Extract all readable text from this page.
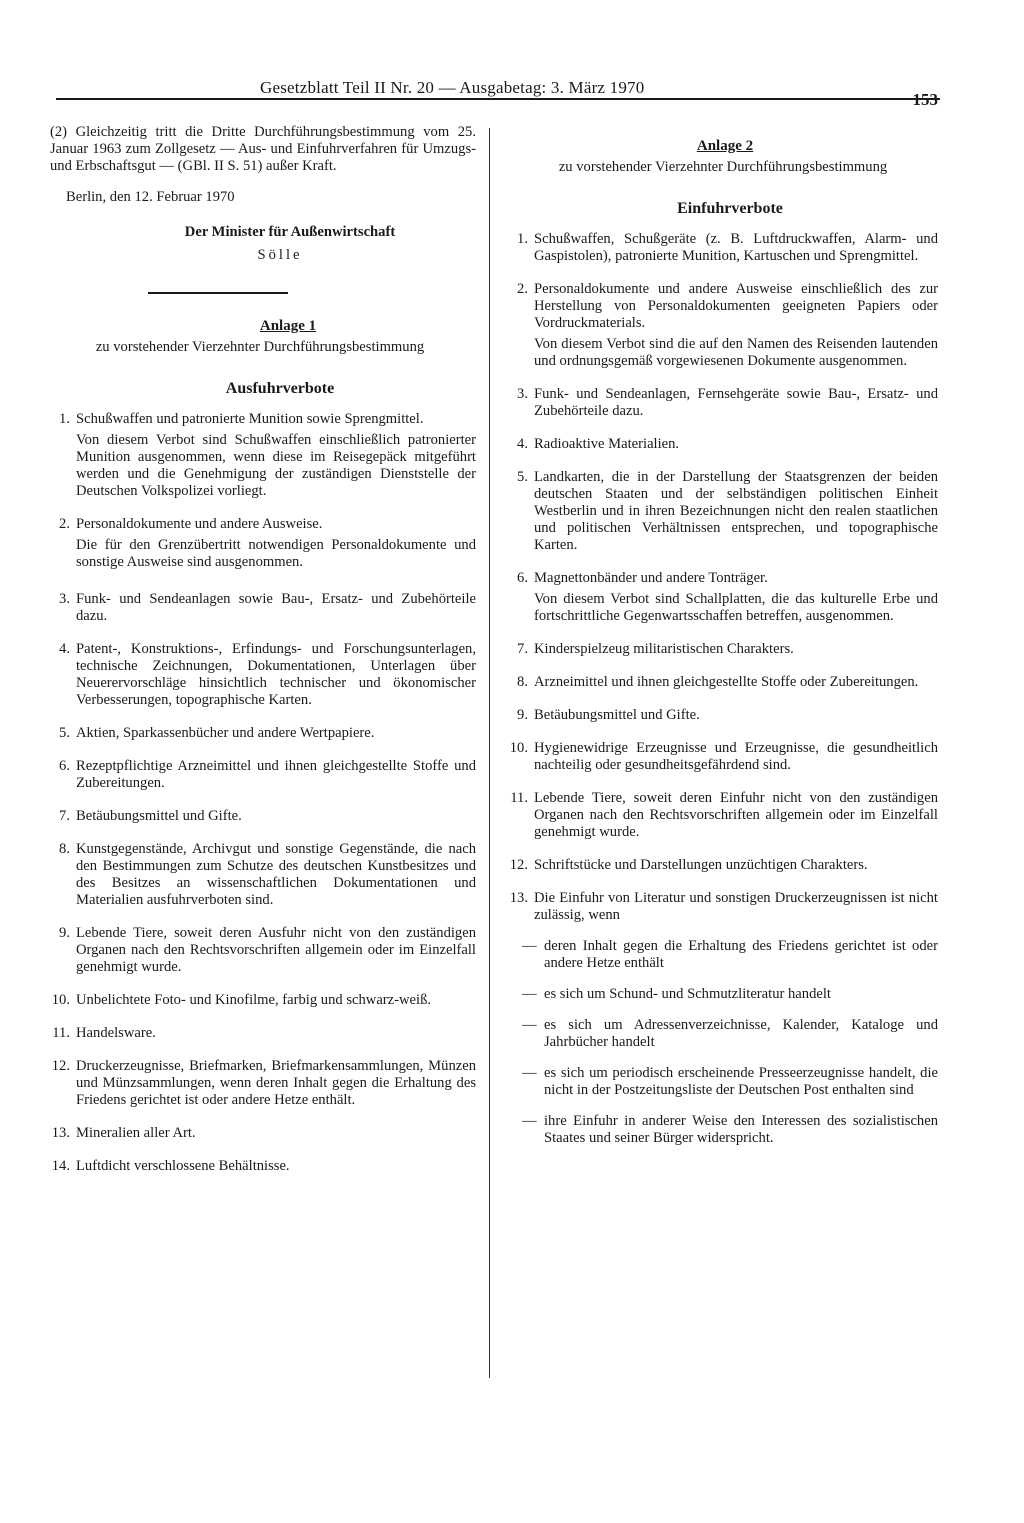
Gesetzblatt Teil II Nr. 20 — Ausgabetag: 3. März 1970
(2) Gleichzeitig tritt die Dritte Durchführungsbestimmung vom 25. Januar 1963 zum Zollgesetz — Aus- und Einfuhrverfahren für Umzugs- und Erbschaftsgut — (GBl. II S. 51) außer Kraft.
Berlin, den 12. Februar 1970
Der Minister für Außenwirtschaft
Sölle
Anlage 1
zu vorstehender Vierzehnter Durchführungsbestimmung
Ausfuhrverbote
1. Schußwaffen und patronierte Munition sowie Sprengmittel.
Von diesem Verbot sind Schußwaffen einschließlich patronierter Munition ausgenommen, wenn diese im Reisegepäck mitgeführt werden und die Genehmigung der zuständigen Dienststelle der Deutschen Volkspolizei vorliegt.
2. Personaldokumente und andere Ausweise.
Die für den Grenzübertritt notwendigen Personaldokumente und sonstige Ausweise sind ausgenommen.
3. Funk- und Sendeanlagen sowie Bau-, Ersatz- und Zubehörteile dazu.
4. Patent-, Konstruktions-, Erfindungs- und Forschungsunterlagen, technische Zeichnungen, Dokumentationen, Unterlagen über Neuerervorschläge hinsichtlich technischer und ökonomischer Verbesserungen, topographische Karten.
5. Aktien, Sparkassenbücher und andere Wertpapiere.
6. Rezeptpflichtige Arzneimittel und ihnen gleichgestellte Stoffe und Zubereitungen.
7. Betäubungsmittel und Gifte.
8. Kunstgegenstände, Archivgut und sonstige Gegenstände, die nach den Bestimmungen zum Schutze des deutschen Kunstbesitzes und des Besitzes an wissenschaftlichen Dokumentationen und Materialien ausfuhrverboten sind.
9. Lebende Tiere, soweit deren Ausfuhr nicht von den zuständigen Organen nach den Rechtsvorschriften allgemein oder im Einzelfall genehmigt wurde.
10. Unbelichtete Foto- und Kinofilme, farbig und schwarz-weiß.
11. Handelsware.
12. Druckerzeugnisse, Briefmarken, Briefmarkensammlungen, Münzen und Münzsammlungen, wenn deren Inhalt gegen die Erhaltung des Friedens gerichtet ist oder andere Hetze enthält.
13. Mineralien aller Art.
14. Luftdicht verschlossene Behältnisse.
Anlage 2
zu vorstehender Vierzehnter Durchführungsbestimmung
Einfuhrverbote
1. Schußwaffen, Schußgeräte (z. B. Luftdruckwaffen, Alarm- und Gaspistolen), patronierte Munition, Kartuschen und Sprengmittel.
2. Personaldokumente und andere Ausweise einschließlich des zur Herstellung von Personaldokumenten geeigneten Papiers oder Vordruckmaterials.
Von diesem Verbot sind die auf den Namen des Reisenden lautenden und ordnungsgemäß vorgewiesenen Dokumente ausgenommen.
3. Funk- und Sendeanlagen, Fernsehgeräte sowie Bau-, Ersatz- und Zubehörteile dazu.
4. Radioaktive Materialien.
5. Landkarten, die in der Darstellung der Staatsgrenzen der beiden deutschen Staaten und der selbständigen politischen Einheit Westberlin und in ihren Bezeichnungen nicht den realen staatlichen und politischen Verhältnissen entsprechen, und topographische Karten.
6. Magnettonbänder und andere Tonträger.
Von diesem Verbot sind Schallplatten, die das kulturelle Erbe und fortschrittliche Gegenwartsschaffen betreffen, ausgenommen.
7. Kinderspielzeug militaristischen Charakters.
8. Arzneimittel und ihnen gleichgestellte Stoffe oder Zubereitungen.
9. Betäubungsmittel und Gifte.
10. Hygienewidrige Erzeugnisse und Erzeugnisse, die gesundheitlich nachteilig oder gesundheitsgefährdend sind.
11. Lebende Tiere, soweit deren Einfuhr nicht von den zuständigen Organen nach den Rechtsvorschriften allgemein oder im Einzelfall genehmigt wurde.
12. Schriftstücke und Darstellungen unzüchtigen Charakters.
13. Die Einfuhr von Literatur und sonstigen Druckerzeugnissen ist nicht zulässig, wenn
— deren Inhalt gegen die Erhaltung des Friedens gerichtet ist oder andere Hetze enthält
— es sich um Schund- und Schmutzliteratur handelt
— es sich um Adressenverzeichnisse, Kalender, Kataloge und Jahrbücher handelt
— es sich um periodisch erscheinende Presseerzeugnisse handelt, die nicht in der Postzeitungsliste der Deutschen Post enthalten sind
— ihre Einfuhr in anderer Weise den Interessen des sozialistischen Staates und seiner Bürger widerspricht.
